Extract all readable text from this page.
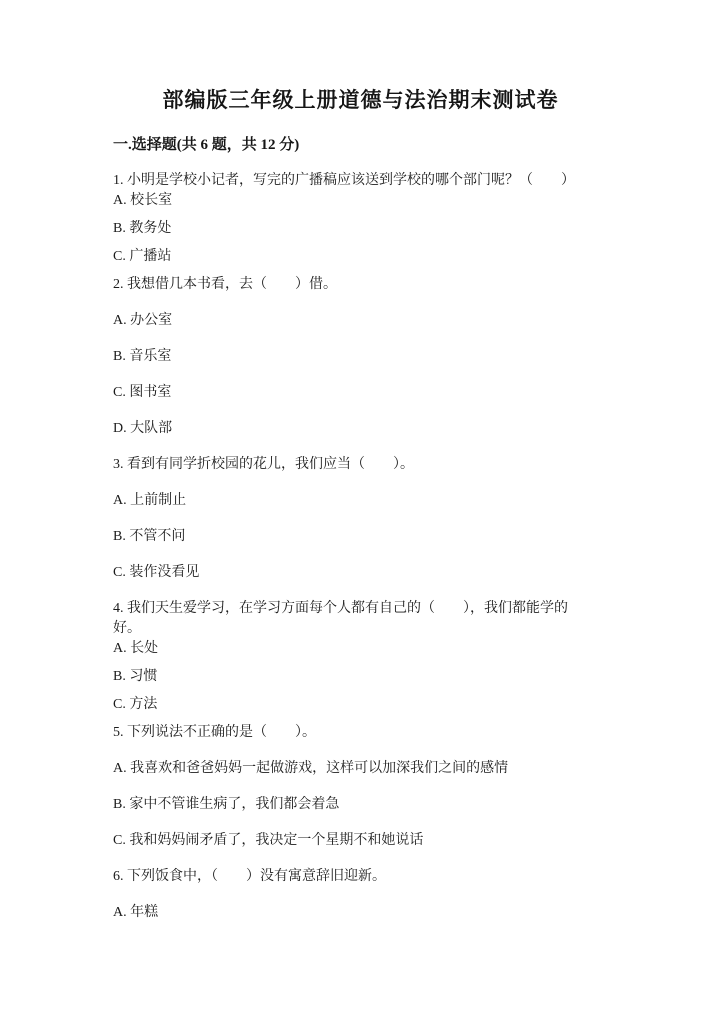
部编版三年级上册道德与法治期末测试卷
一.选择题(共 6 题，共 12 分)
1. 小明是学校小记者，写完的广播稿应该送到学校的哪个部门呢？（　　）
A. 校长室
B. 教务处
C. 广播站
2. 我想借几本书看，去（　　）借。
A. 办公室
B. 音乐室
C. 图书室
D. 大队部
3. 看到有同学折校园的花儿，我们应当（　　）。
A. 上前制止
B. 不管不问
C. 装作没看见
4. 我们天生爱学习，在学习方面每个人都有自己的（　　），我们都能学的
好。
A. 长处
B. 习惯
C. 方法
5. 下列说法不正确的是（　　）。
A. 我喜欢和爸爸妈妈一起做游戏，这样可以加深我们之间的感情
B. 家中不管谁生病了，我们都会着急
C. 我和妈妈闹矛盾了，我决定一个星期不和她说话
6. 下列饭食中，（　　）没有寓意辞旧迎新。
A. 年糕
